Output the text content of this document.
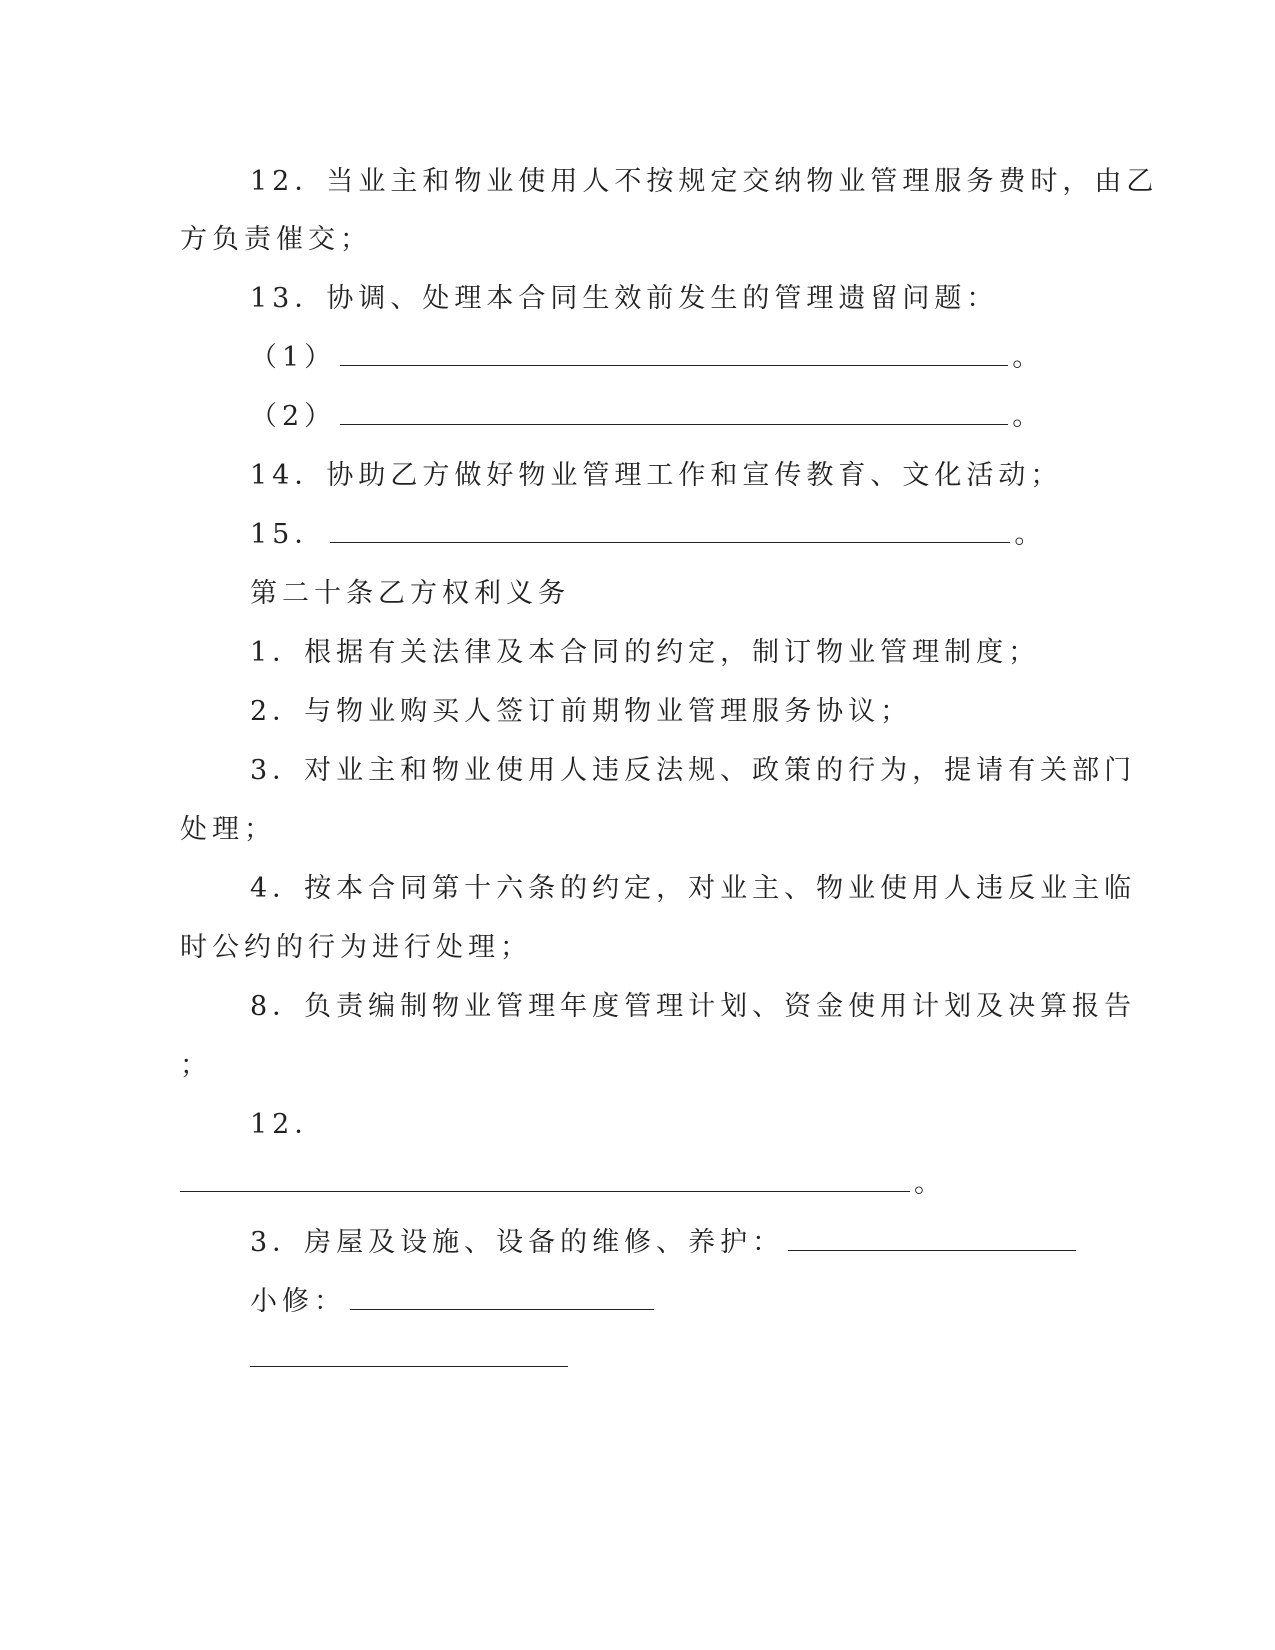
12．当业主和物业使用人不按规定交纳物业管理服务费时，由乙
方负责催交；
13．协调、处理本合同生效前发生的管理遗留问题：
（1）	。
（2）	。
14．协助乙方做好物业管理工作和宣传教育、文化活动；
15．	。
第二十条乙方权利义务
1．根据有关法律及本合同的约定，制订物业管理制度；
2．与物业购买人签订前期物业管理服务协议；
3．对业主和物业使用人违反法规、政策的行为，提请有关部门
处理；
4．按本合同第十六条的约定，对业主、物业使用人违反业主临
时公约的行为进行处理；
8．负责编制物业管理年度管理计划、资金使用计划及决算报告
；
12．
。
3．房屋及设施、设备的维修、养护：
小修：
